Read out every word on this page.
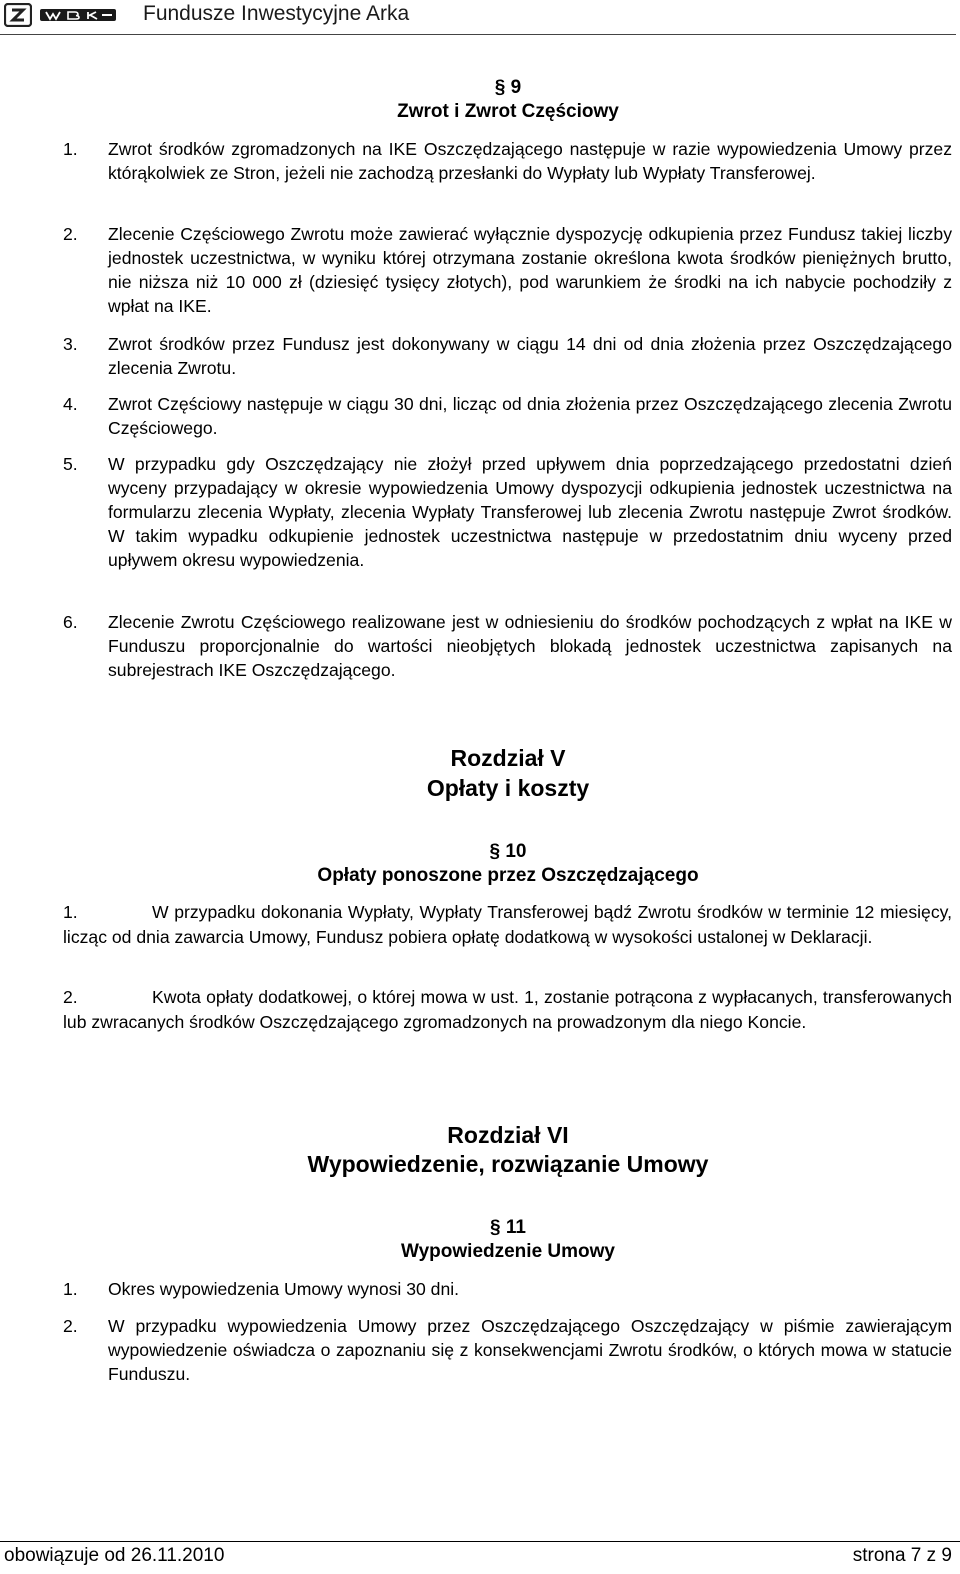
Fundusze Inwestycyjne Arka
§ 9
Zwrot i Zwrot Częściowy
1. Zwrot środków zgromadzonych na IKE Oszczędzającego następuje w razie wypowiedzenia Umowy przez którąkolwiek ze Stron, jeżeli nie zachodzą przesłanki do Wypłaty lub Wypłaty Transferowej.
2. Zlecenie Częściowego Zwrotu może zawierać wyłącznie dyspozycję odkupienia przez Fundusz takiej liczby jednostek uczestnictwa, w wyniku której otrzymana zostanie określona kwota środków pieniężnych brutto, nie niższa niż 10 000 zł (dziesięć tysięcy złotych), pod warunkiem że środki na ich nabycie pochodziły z wpłat na IKE.
3. Zwrot środków przez Fundusz jest dokonywany w ciągu 14 dni od dnia złożenia przez Oszczędzającego zlecenia Zwrotu.
4. Zwrot Częściowy następuje w ciągu 30 dni, licząc od dnia złożenia przez Oszczędzającego zlecenia Zwrotu Częściowego.
5. W przypadku gdy Oszczędzający nie złożył przed upływem dnia poprzedzającego przedostatni dzień wyceny przypadający w okresie wypowiedzenia Umowy dyspozycji odkupienia jednostek uczestnictwa na formularzu zlecenia Wypłaty, zlecenia Wypłaty Transferowej lub zlecenia Zwrotu następuje Zwrot środków. W takim wypadku odkupienie jednostek uczestnictwa następuje w przedostatnim dniu wyceny przed upływem okresu wypowiedzenia.
6. Zlecenie Zwrotu Częściowego realizowane jest w odniesieniu do środków pochodzących z wpłat na IKE w Funduszu proporcjonalnie do wartości nieobjętych blokadą jednostek uczestnictwa zapisanych na subrejestrach IKE Oszczędzającego.
Rozdział V
Opłaty i koszty
§ 10
Opłaty ponoszone przez Oszczędzającego
1.	W przypadku dokonania Wypłaty, Wypłaty Transferowej bądź Zwrotu środków w terminie 12 miesięcy, licząc od dnia zawarcia Umowy, Fundusz pobiera opłatę dodatkową w wysokości ustalonej w Deklaracji.
2.	Kwota opłaty dodatkowej, o której mowa w ust. 1, zostanie potrącona z wypłacanych, transferowanych lub zwracanych środków Oszczędzającego zgromadzonych na prowadzonym dla niego Koncie.
Rozdział VI
Wypowiedzenie, rozwiązanie Umowy
§ 11
Wypowiedzenie Umowy
1. Okres wypowiedzenia Umowy wynosi 30 dni.
2. W przypadku wypowiedzenia Umowy przez Oszczędzającego Oszczędzający w piśmie zawierającym wypowiedzenie oświadcza o zapoznaniu się z konsekwencjami Zwrotu środków, o których mowa w statucie Funduszu.
obowiązuje od 26.11.2010	strona 7 z 9
